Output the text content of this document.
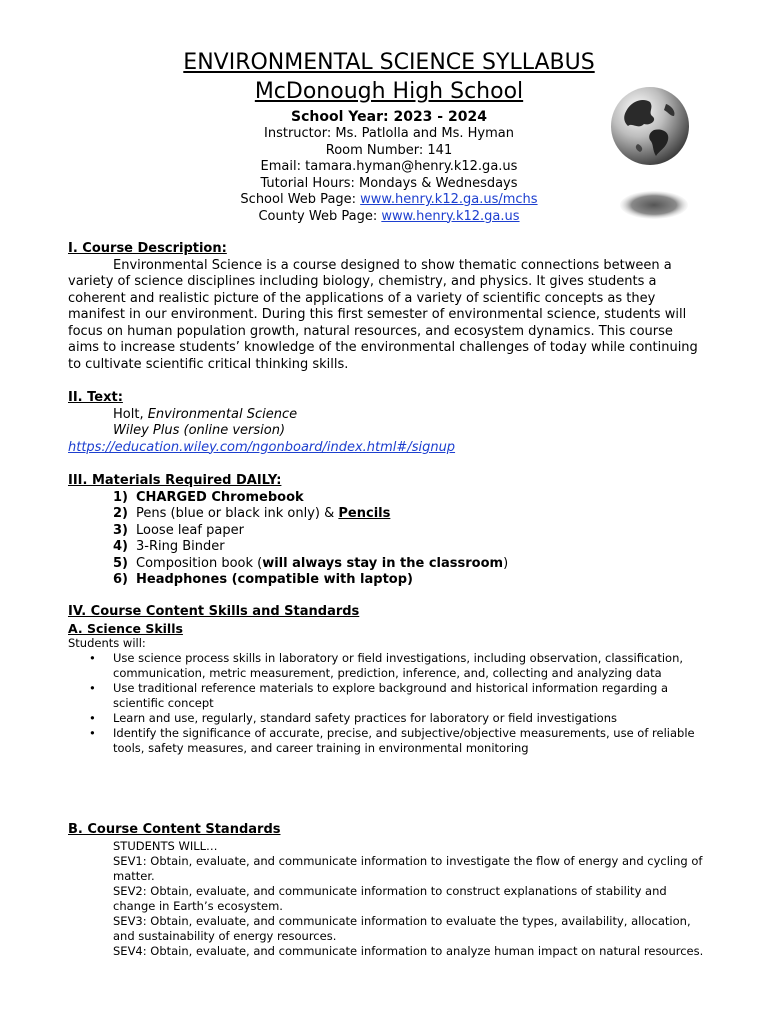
ENVIRONMENTAL SCIENCE SYLLABUS
McDonough High School
School Year: 2023 - 2024
Instructor: Ms. Patlolla and Ms. Hyman
Room Number: 141
Email: tamara.hyman@henry.k12.ga.us
Tutorial Hours: Mondays & Wednesdays
School Web Page: www.henry.k12.ga.us/mchs
County Web Page: www.henry.k12.ga.us
I. Course Description:
Environmental Science is a course designed to show thematic connections between a variety of science disciplines including biology, chemistry, and physics. It gives students a coherent and realistic picture of the applications of a variety of scientific concepts as they manifest in our environment. During this first semester of environmental science, students will focus on human population growth, natural resources, and ecosystem dynamics. This course aims to increase students’ knowledge of the environmental challenges of today while continuing to cultivate scientific critical thinking skills.
II. Text:
Holt, Environmental Science
Wiley Plus (online version)
https://education.wiley.com/ngonboard/index.html#/signup
III. Materials Required DAILY:
1) CHARGED Chromebook
2) Pens (blue or black ink only) & Pencils
3) Loose leaf paper
4) 3-Ring Binder
5) Composition book (will always stay in the classroom)
6) Headphones (compatible with laptop)
IV. Course Content Skills and Standards
A. Science Skills
Students will:
• Use science process skills in laboratory or field investigations, including observation, classification, communication, metric measurement, prediction, inference, and, collecting and analyzing data
• Use traditional reference materials to explore background and historical information regarding a scientific concept
• Learn and use, regularly, standard safety practices for laboratory or field investigations
• Identify the significance of accurate, precise, and subjective/objective measurements, use of reliable tools, safety measures, and career training in environmental monitoring
B. Course Content Standards
STUDENTS WILL…
SEV1: Obtain, evaluate, and communicate information to investigate the flow of energy and cycling of matter.
SEV2: Obtain, evaluate, and communicate information to construct explanations of stability and change in Earth’s ecosystem.
SEV3: Obtain, evaluate, and communicate information to evaluate the types, availability, allocation, and sustainability of energy resources.
SEV4: Obtain, evaluate, and communicate information to analyze human impact on natural resources.
